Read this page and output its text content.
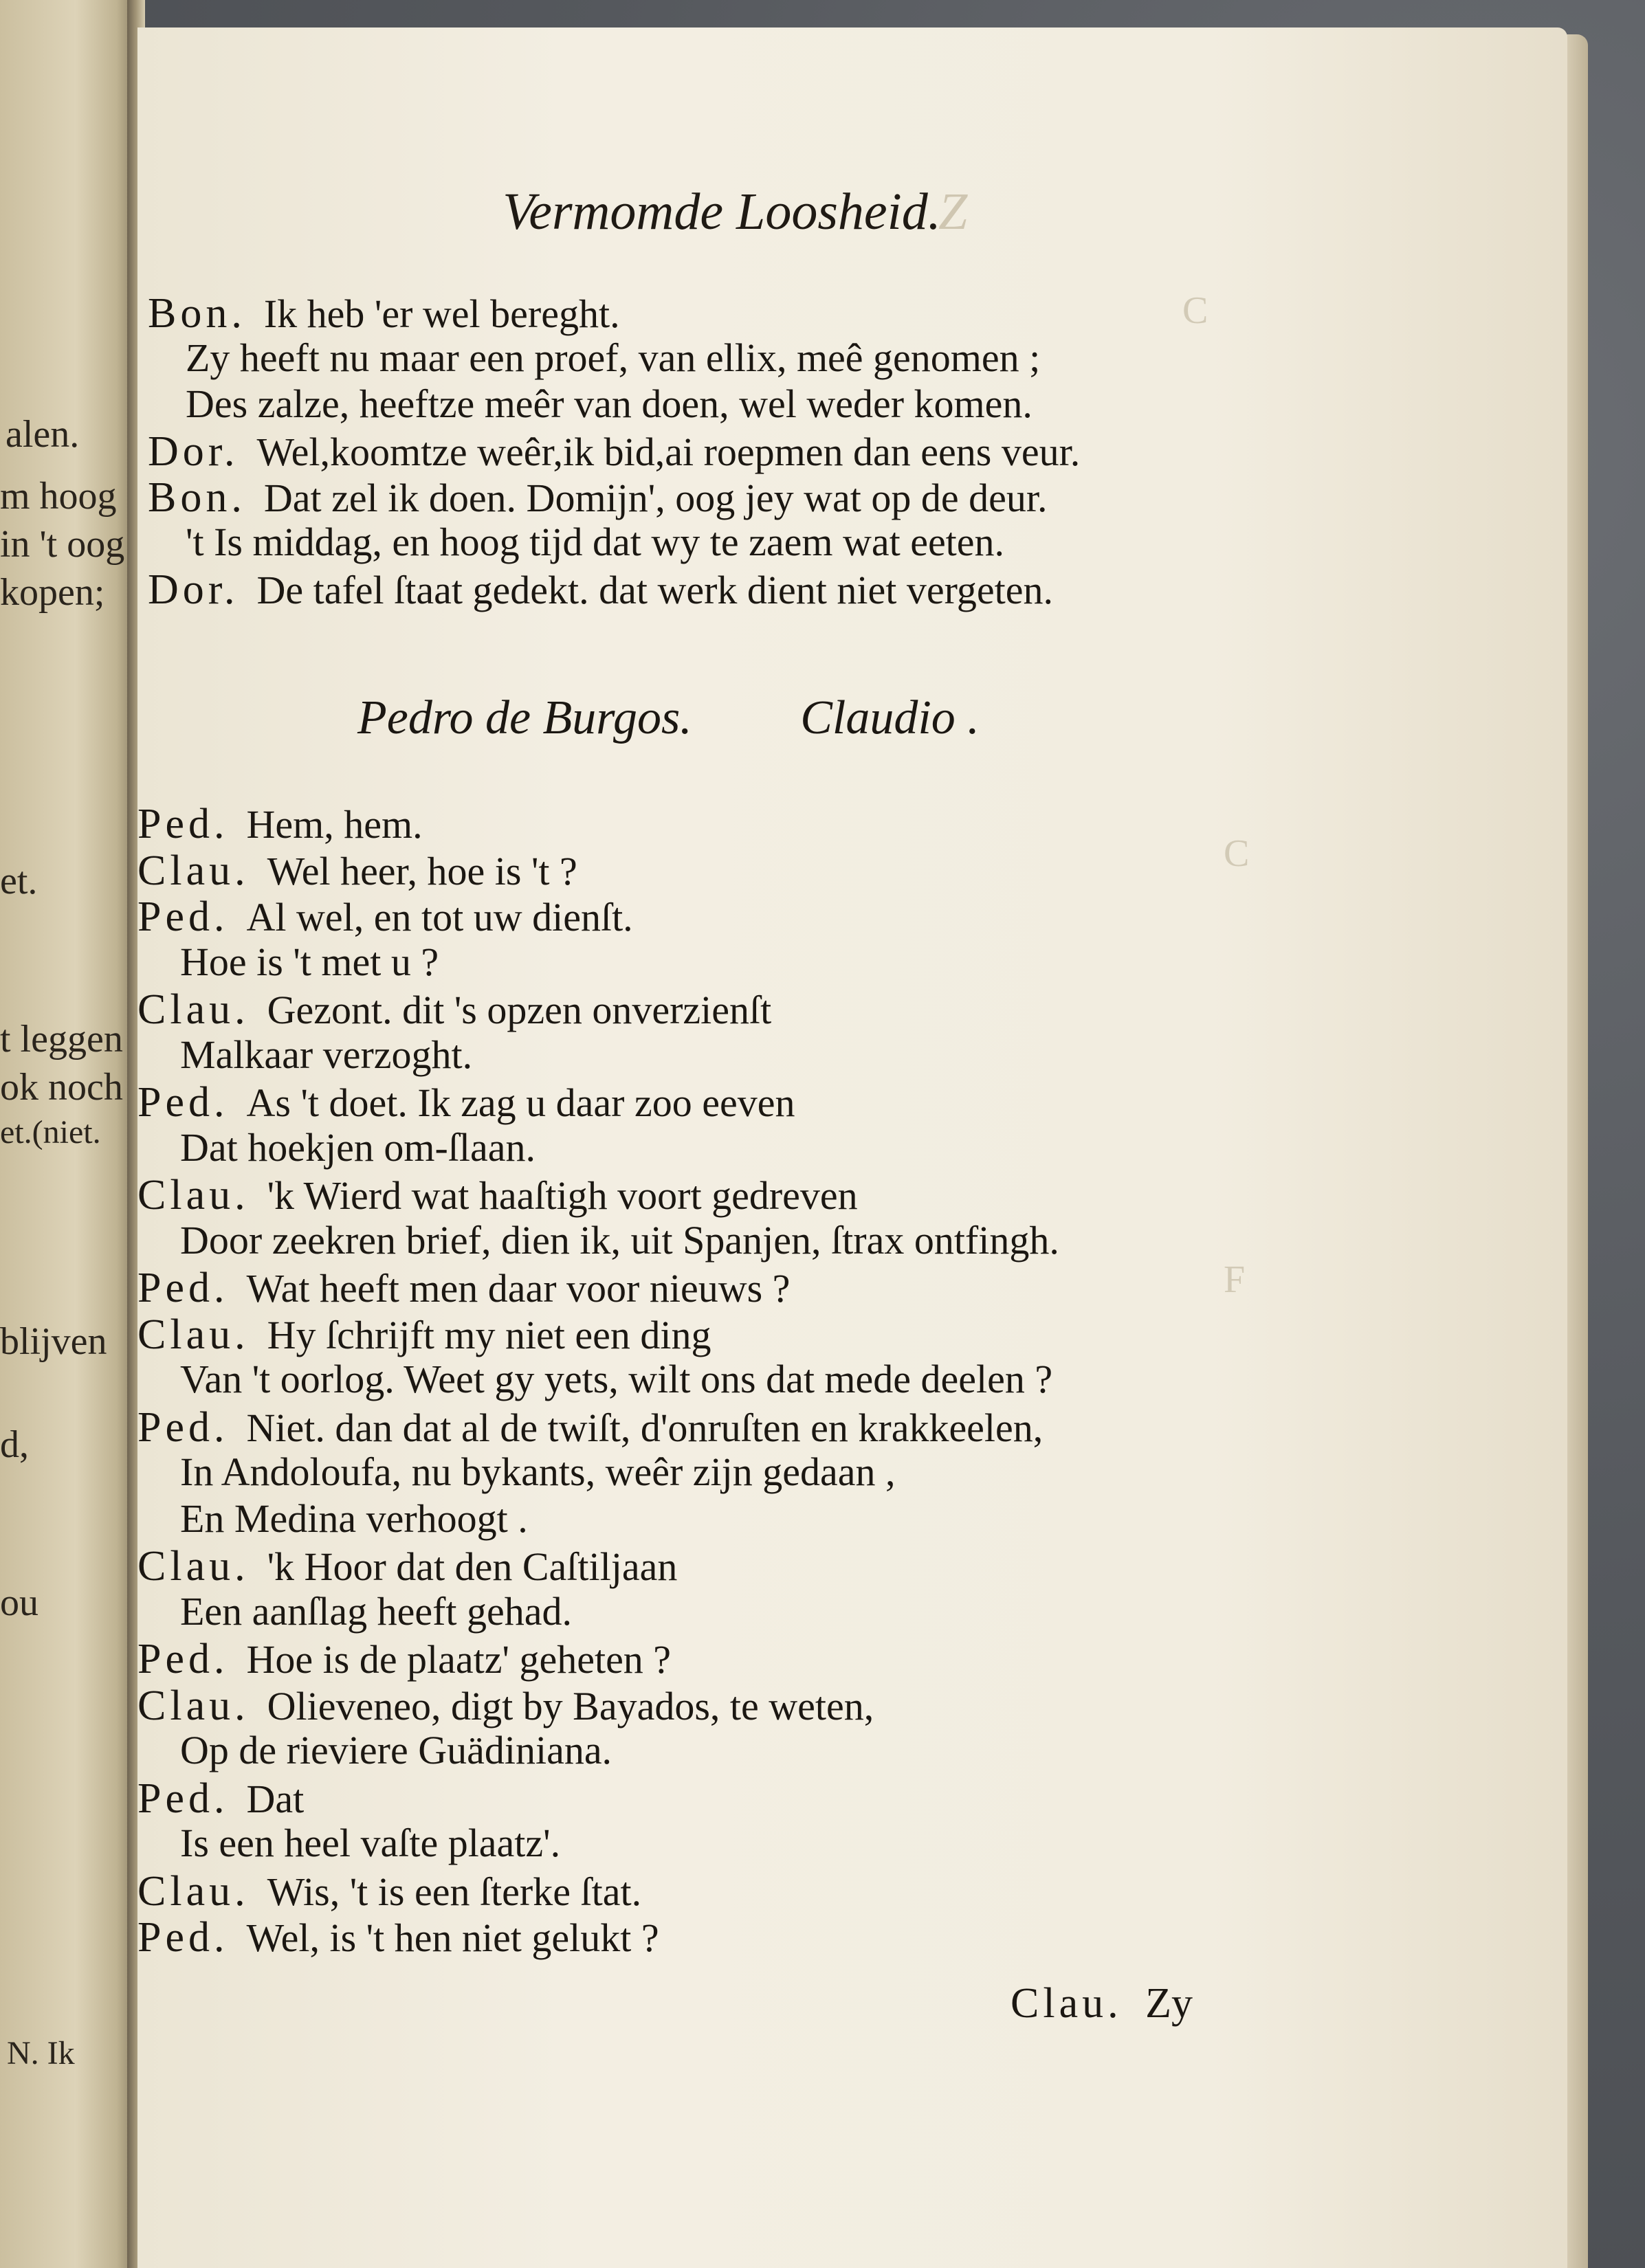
alen.
m hoog
in 't oog
kopen;
et.
t leggen
ok noch
et.(niet.
blijven
d,
ou
N. Ik
C
C
F
Vermomde Loosheid.
Z
Bon. Ik heb 'er wel bereght.
Zy heeft nu maar een proef, van ellix, meê genomen ;
Des zalze, heeftze meêr van doen, wel weder komen.
Dor. Wel,koomtze weêr,ik bid,ai roepmen dan eens veur.
Bon. Dat zel ik doen. Domijn', oog jey wat op de deur.
't Is middag, en hoog tijd dat wy te zaem wat eeten.
Dor. De tafel ſtaat gedekt. dat werk dient niet vergeten.
Pedro de Burgos. Claudio .
Ped. Hem, hem.
Clau. Wel heer, hoe is 't ?
Ped. Al wel, en tot uw dienſt.
Hoe is 't met u ?
Clau. Gezont. dit 's opzen onverzienſt
Malkaar verzoght.
Ped. As 't doet. Ik zag u daar zoo eeven
Dat hoekjen om-ſlaan.
Clau. 'k Wierd wat haaſtigh voort gedreven
Door zeekren brief, dien ik, uit Spanjen, ſtrax ontfingh.
Ped. Wat heeft men daar voor nieuws ?
Clau. Hy ſchrijft my niet een ding
Van 't oorlog. Weet gy yets, wilt ons dat mede deelen ?
Ped. Niet. dan dat al de twiſt, d'onruſten en krakkeelen,
In Andoloufa, nu bykants, weêr zijn gedaan ,
En Medina verhoogt .
Clau. 'k Hoor dat den Caſtiljaan
Een aanſlag heeft gehad.
Ped. Hoe is de plaatz' geheten ?
Clau. Olieveneo, digt by Bayados, te weten,
Op de rieviere Guädiniana.
Ped. Dat
Is een heel vaſte plaatz'.
Clau. Wis, 't is een ſterke ſtat.
Ped. Wel, is 't hen niet gelukt ?
Clau. Zy
